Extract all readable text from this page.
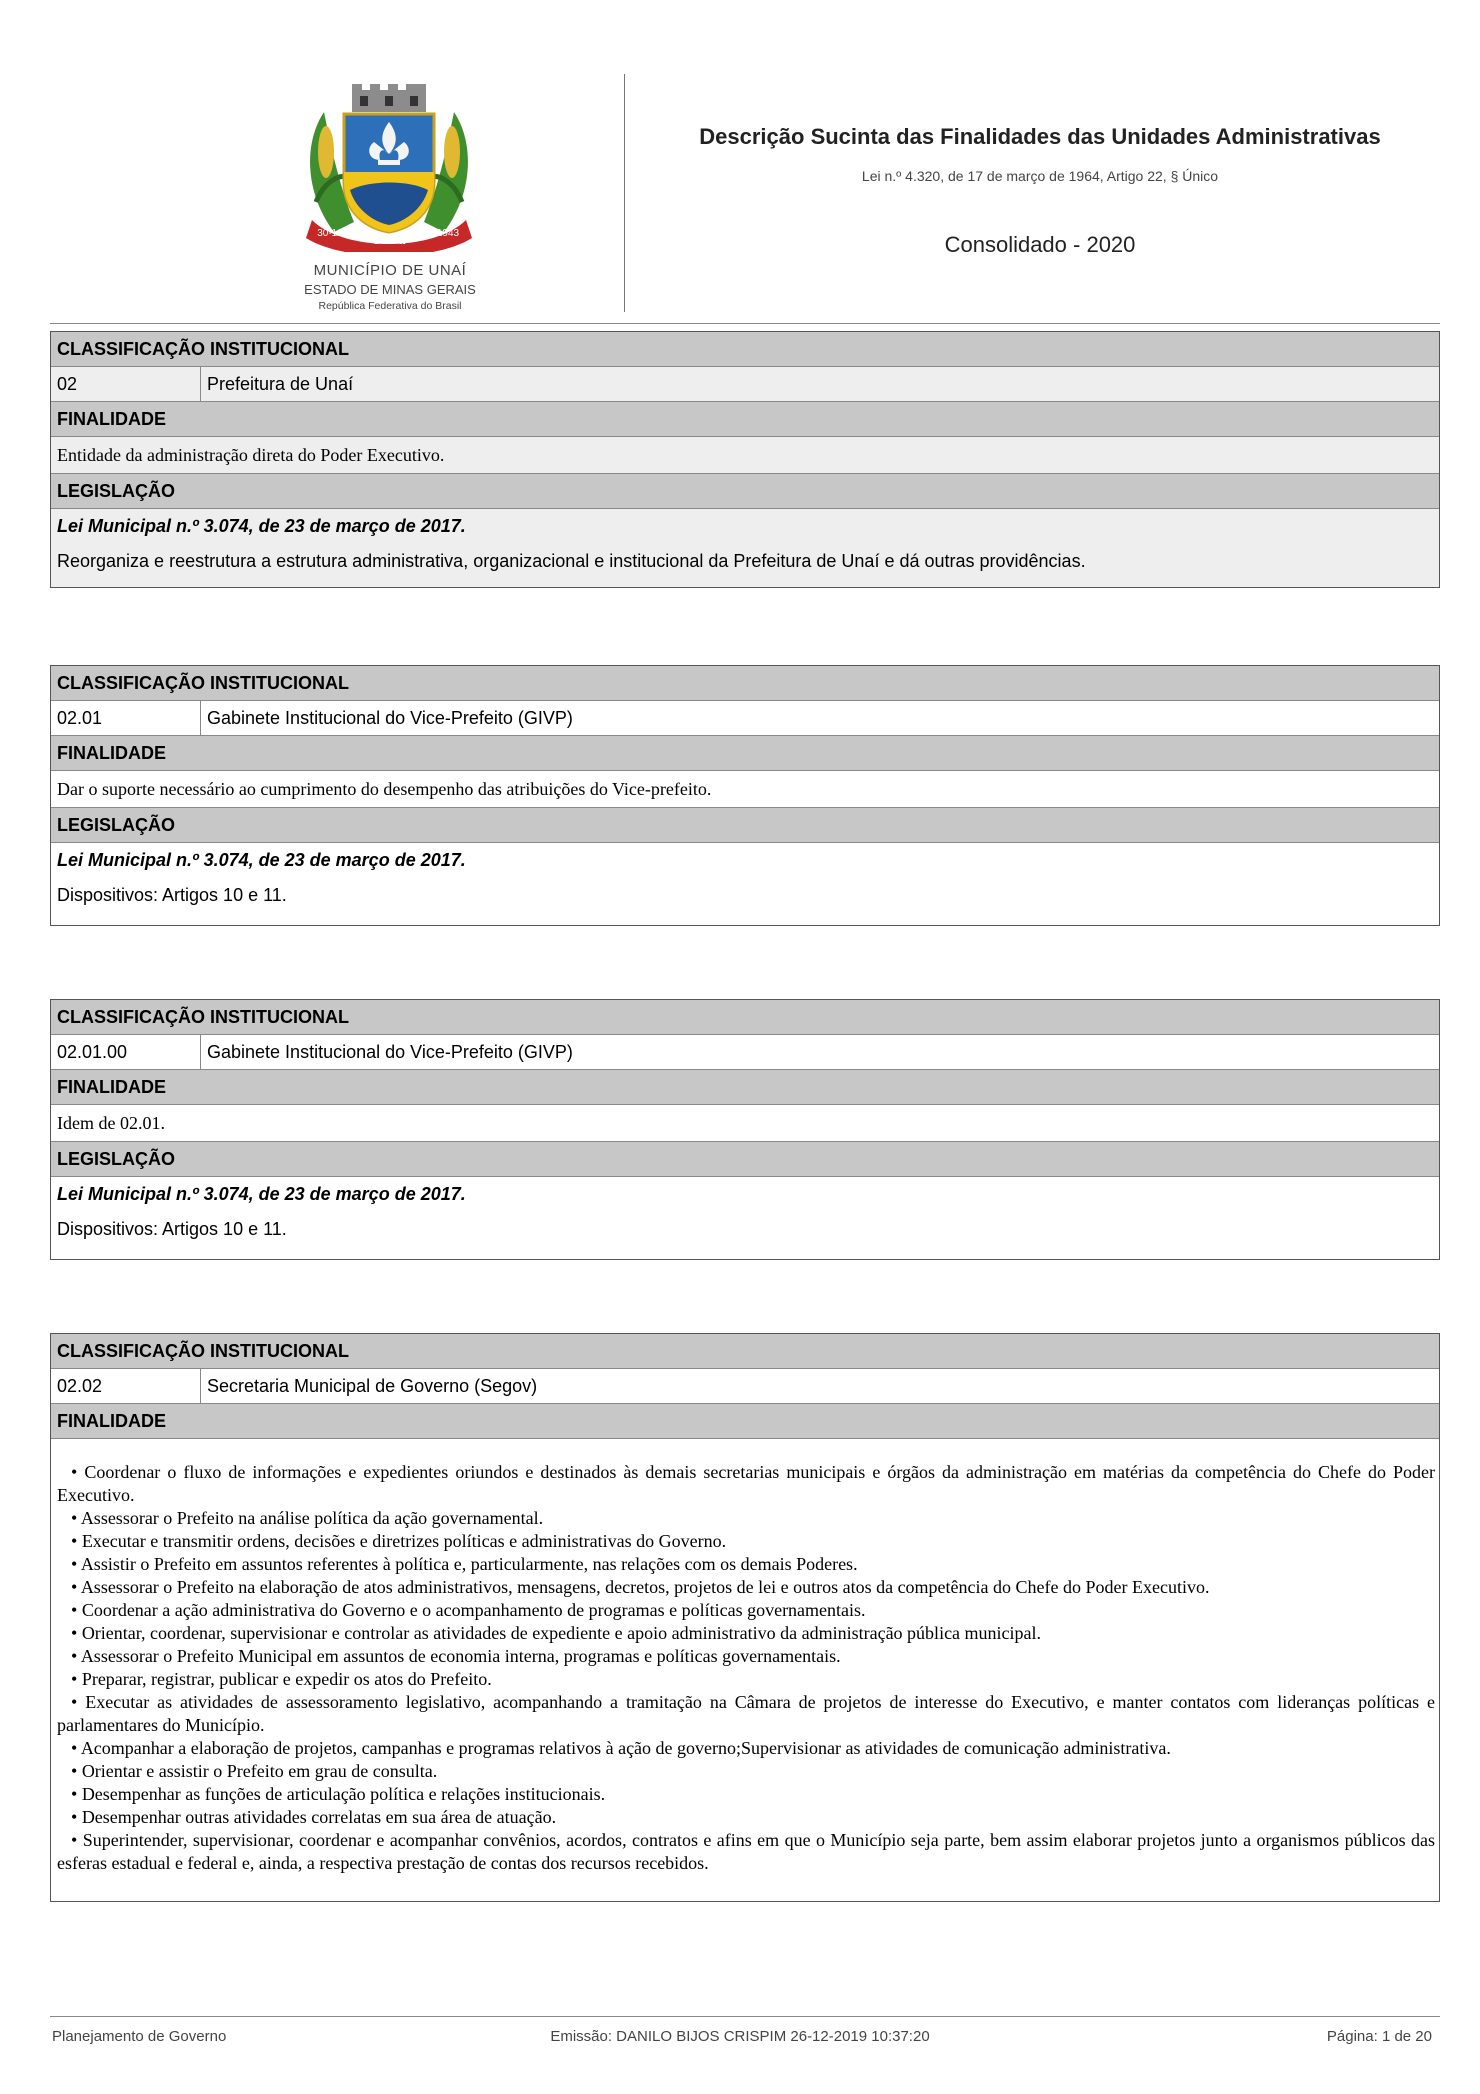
UNAÍ
30-12	1943
MUNICÍPIO DE UNAÍ
ESTADO DE MINAS GERAIS
República Federativa do Brasil
Descrição Sucinta das Finalidades das Unidades Administrativas
Lei n.º 4.320, de 17 de março de 1964, Artigo 22, § Único
Consolidado - 2020
CLASSIFICAÇÃO INSTITUCIONAL
02	Prefeitura de Unaí
FINALIDADE
Entidade da administração direta do Poder Executivo.
LEGISLAÇÃO
Lei Municipal n.º 3.074, de 23 de março de 2017.
Reorganiza e reestrutura a estrutura administrativa, organizacional e institucional da Prefeitura de Unaí e dá outras providências.
CLASSIFICAÇÃO INSTITUCIONAL
02.01	Gabinete Institucional do Vice-Prefeito (GIVP)
FINALIDADE
Dar o suporte necessário ao cumprimento do desempenho das atribuições do Vice-prefeito.
LEGISLAÇÃO
Lei Municipal n.º 3.074, de 23 de março de 2017.
Dispositivos: Artigos 10 e 11.
CLASSIFICAÇÃO INSTITUCIONAL
02.01.00	Gabinete Institucional do Vice-Prefeito (GIVP)
FINALIDADE
Idem de 02.01.
LEGISLAÇÃO
Lei Municipal n.º 3.074, de 23 de março de 2017.
Dispositivos: Artigos 10 e 11.
CLASSIFICAÇÃO INSTITUCIONAL
02.02	Secretaria Municipal de Governo (Segov)
FINALIDADE

• Coordenar o fluxo de informações e expedientes oriundos e destinados às demais secretarias municipais e órgãos da administração em matérias da competência do Chefe do Poder Executivo.

• Assessorar o Prefeito na análise política da ação governamental.

• Executar e transmitir ordens, decisões e diretrizes políticas e administrativas do Governo.

• Assistir o Prefeito em assuntos referentes à política e, particularmente, nas relações com os demais Poderes.

• Assessorar o Prefeito na elaboração de atos administrativos, mensagens, decretos, projetos de lei e outros atos da competência do Chefe do Poder Executivo.

• Coordenar a ação administrativa do Governo e o acompanhamento de programas e políticas governamentais.

• Orientar, coordenar, supervisionar e controlar as atividades de expediente e apoio administrativo da administração pública municipal.

• Assessorar o Prefeito Municipal em assuntos de economia interna, programas e políticas governamentais.

• Preparar, registrar, publicar e expedir os atos do Prefeito.

• Executar as atividades de assessoramento legislativo, acompanhando a tramitação na Câmara de projetos de interesse do Executivo, e manter contatos com lideranças políticas e parlamentares do Município.

• Acompanhar a elaboração de projetos, campanhas e programas relativos à ação de governo;Supervisionar as atividades de comunicação administrativa.

• Orientar e assistir o Prefeito em grau de consulta.

• Desempenhar as funções de articulação política e relações institucionais.

• Desempenhar outras atividades correlatas em sua área de atuação.

• Superintender, supervisionar, coordenar e acompanhar convênios, acordos, contratos e afins em que o Município seja parte, bem assim elaborar projetos junto a organismos públicos das esferas estadual e federal e, ainda, a respectiva prestação de contas dos recursos recebidos.

Planejamento de Governo	Emissão: DANILO BIJOS CRISPIM 26-12-2019 10:37:20	Página: 1 de 20
